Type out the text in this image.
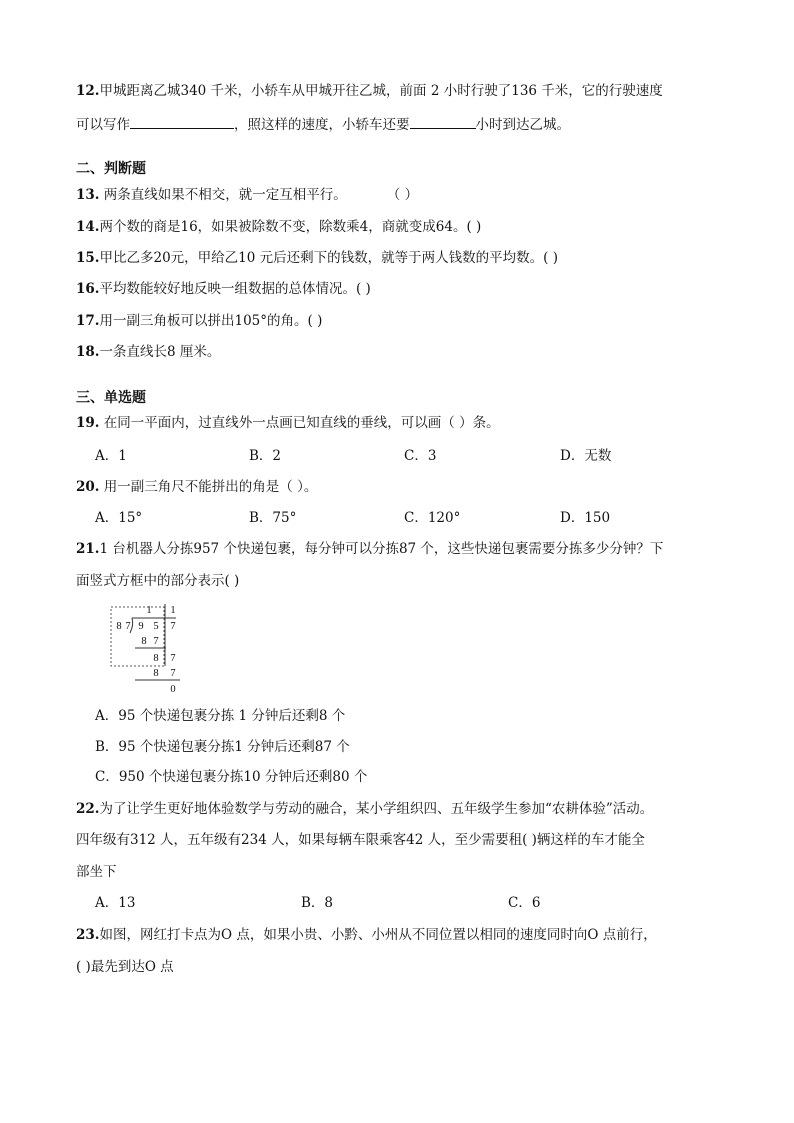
12.甲城距离乙城340 千米，小轿车从甲城开往乙城，前面 2 小时行驶了136 千米，它的行驶速度
可以写作	，照这样的速度，小轿车还要	小时到达乙城。
二、判断题
13. 两条直线如果不相交，就一定互相平行。	（ ）
14.两个数的商是16，如果被除数不变，除数乘4，商就变成64。( )
15.甲比乙多20元，甲给乙10 元后还剩下的钱数，就等于两人钱数的平均数。( )
16.平均数能较好地反映一组数据的总体情况。( )
17.用一副三角板可以拼出105°的角。( )
18.一条直线长8 厘米。
三、单选题
19. 在同一平面内，过直线外一点画已知直线的垂线，可以画（ ）条。
A．1	B．2	C．3	D．无数
20. 用一副三角尺不能拼出的角是（ ）。
A．15°	B．75°	C．120°	D．150
21.1 台机器人分拣957 个快递包裹，每分钟可以分拣87 个，这些快递包裹需要分拣多少分钟？下
面竖式方框中的部分表示( )
1 1
8 7 9 5 7
8 7
8 7
8 7
0
A．95 个快递包裹分拣 1 分钟后还剩8 个
B．95 个快递包裹分拣1 分钟后还剩87 个
C．950 个快递包裹分拣10 分钟后还剩80 个
22.为了让学生更好地体验数学与劳动的融合，某小学组织四、五年级学生参加“农耕体验”活动。
四年级有312 人，五年级有234 人，如果每辆车限乘客42 人，至少需要租( )辆这样的车才能全
部坐下
A．13	B．8	C．6
23.如图，网红打卡点为O 点，如果小贵、小黔、小州从不同位置以相同的速度同时向O 点前行，
( )最先到达O 点
